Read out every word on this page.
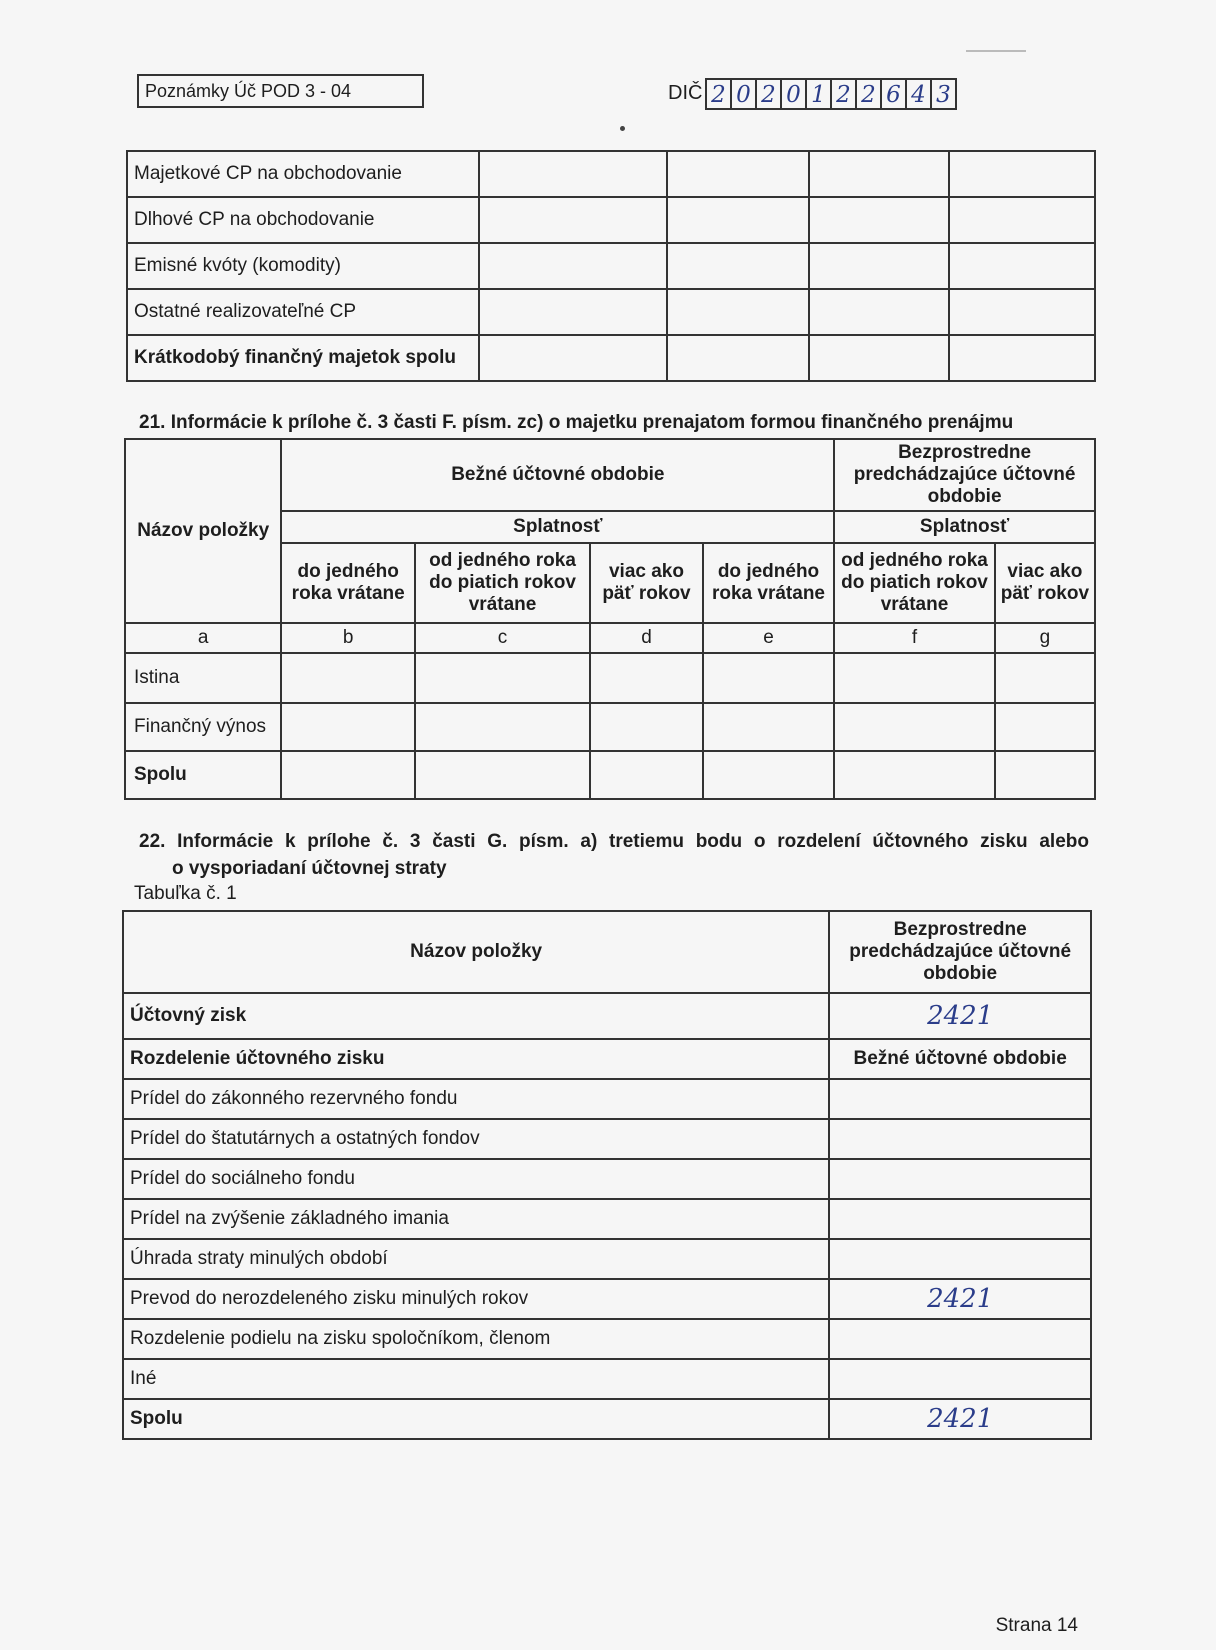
Poznámky Úč POD 3 - 04	DIČ 2 0 2 0 1 2 2 6 4 3
Majetkové CP na obchodovanie				
Dlhové CP na obchodovanie				
Emisné kvóty (komodity)				
Ostatné realizovateľné CP				
Krátkodobý finančný majetok spolu				
21. Informácie k prílohe č. 3 časti F. písm. zc) o majetku prenajatom formou finančného prenájmu
Názov položky	Bežné účtovné obdobie				Bezprostredne predchádzajúce účtovné obdobie	
	Splatnosť				Splatnosť	
	do jedného roka vrátane	od jedného roka do piatich rokov vrátane	viac ako päť rokov	do jedného roka vrátane	od jedného roka do piatich rokov vrátane	viac ako päť rokov
a	b	c	d	e	f	g
Istina						
Finančný výnos						
Spolu						
22. Informácie k prílohe č. 3 časti G. písm. a) tretiemu bodu o rozdelení účtovného zisku alebo
o vysporiadaní účtovnej straty
Tabuľka č. 1
Názov položky	Bezprostredne predchádzajúce účtovné obdobie
Účtovný zisk	2421
Rozdelenie účtovného zisku	Bežné účtovné obdobie
Prídel do zákonného rezervného fondu	
Prídel do štatutárnych a ostatných fondov	
Prídel do sociálneho fondu	
Prídel na zvýšenie základného imania	
Úhrada straty minulých období	
Prevod do nerozdeleného zisku minulých rokov	2421
Rozdelenie podielu na zisku spoločníkom, členom	
Iné	
Spolu	2421
Strana 14
